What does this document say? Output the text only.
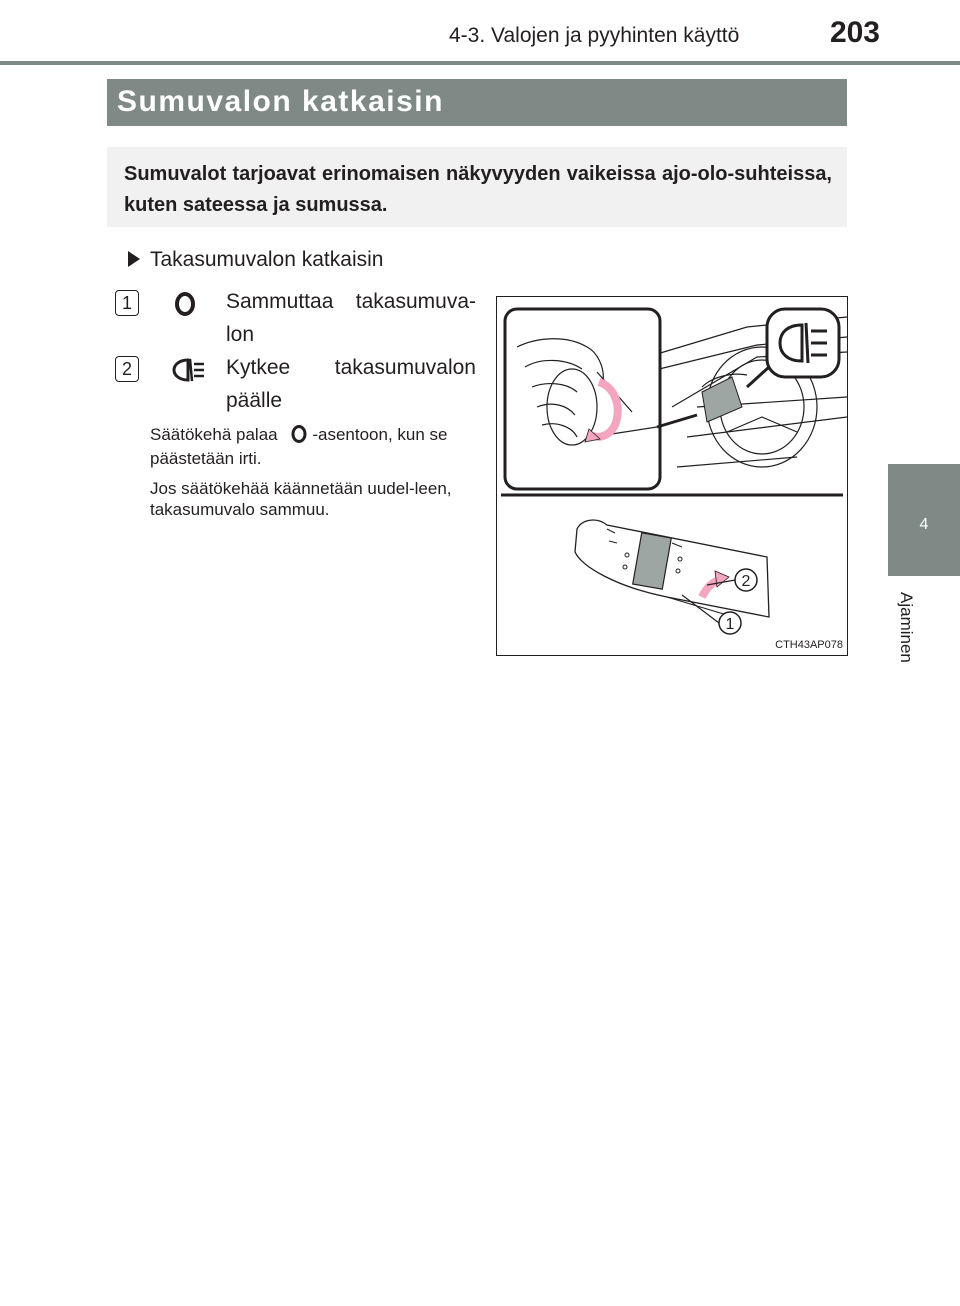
4-3. Valojen ja pyyhinten käyttö	203
4
Ajaminen
Sumuvalon katkaisin
Sumuvalot tarjoavat erinomaisen näkyvyyden vaikeissa ajo-olo-suhteissa, kuten sateessa ja sumussa.
Takasumuvalon katkaisin
1	Sammuttaa takasumuva-lon
2	Kytkee takasumuvalon päälle
Säätökehä palaa -asentoon, kun se päästetään irti.
Jos säätökehää käännetään uudel-leen, takasumuvalo sammuu.
2
1
CTH43AP078
